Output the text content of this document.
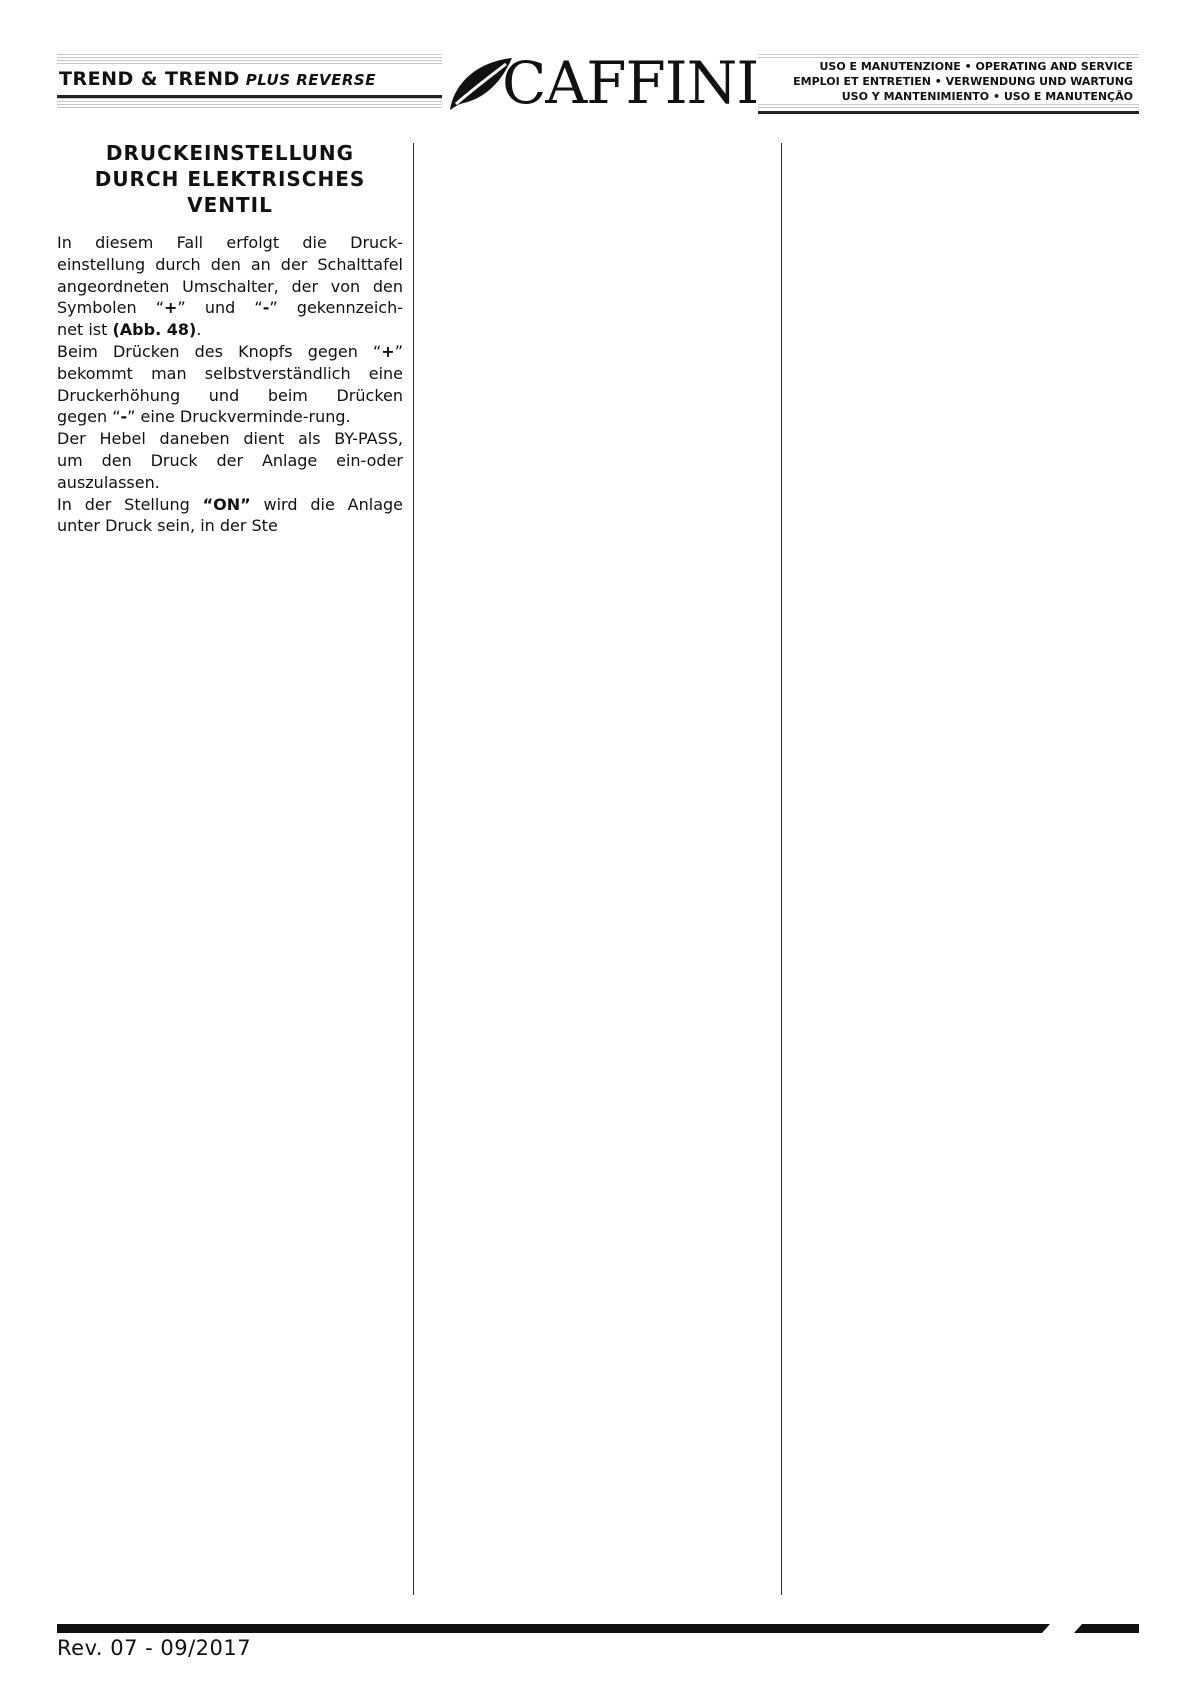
TREND & TREND PLUS REVERSE CAFFINI	USO E MANUTENZIONE • OPERATING AND SERVICE
EMPLOI ET ENTRETIEN • VERWENDUNG UND WARTUNG
USO Y MANTENIMIENTO • USO E MANUTENÇÃO
DRUCKEINSTELLUNG
DURCH ELEKTRISCHES
VENTIL
In diesem Fall erfolgt die Druck-
einstellung durch den an der Schalttafel
angeordneten Umschalter, der von den
Symbolen “+” und “-” gekennzeich-
net ist (Abb. 48).
Beim Drücken des Knopfs gegen “+”
bekommt man selbstverständlich eine
Druckerhöhung und beim Drücken
gegen “-” eine Druckverminde-rung.
Der Hebel daneben dient als BY-PASS,
um den Druck der Anlage ein-oder
auszulassen.
In der Stellung “ON” wird die Anlage
unter Druck sein, in der Ste
Rev. 07 - 09/2017
